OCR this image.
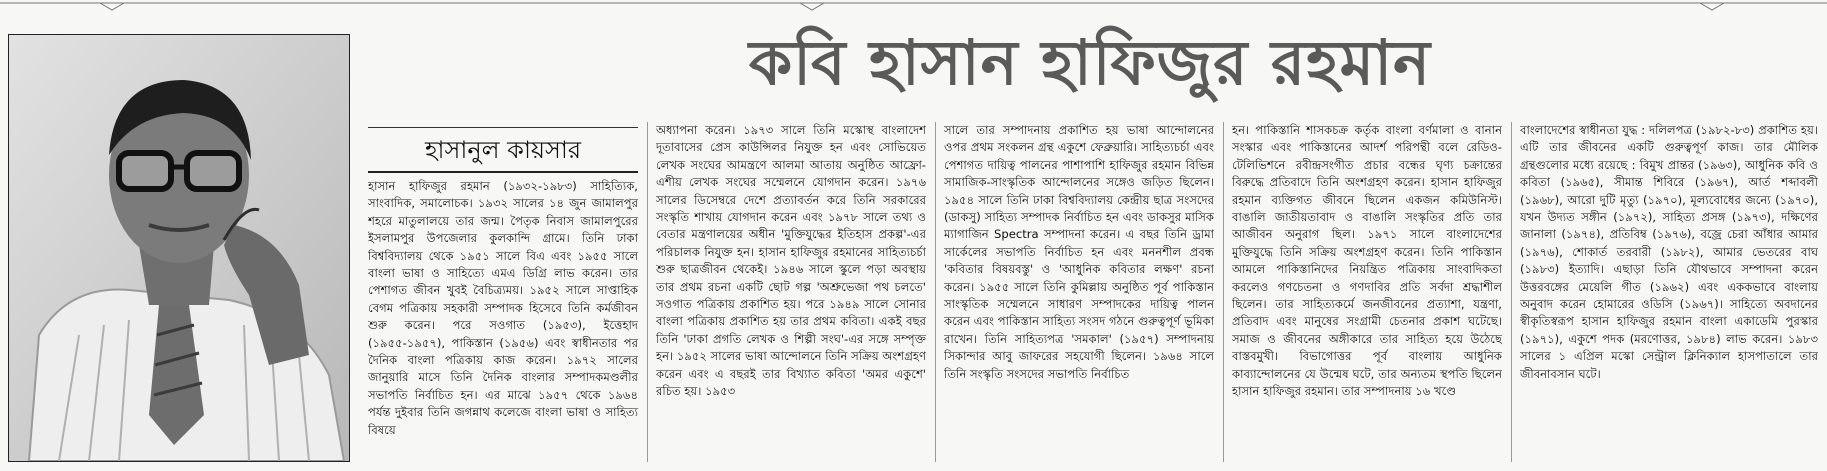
কবি হাসান হাফিজুর রহমান
হাসানুল কায়সার

হাসান হাফিজুর রহমান (১৯৩২-১৯৮৩) সাহিত্যিক, সাংবাদিক, সমালোচক। ১৯৩২ সালের ১৪ জুন জামালপুর শহরে মাতুলালয়ে তার জন্ম। পৈতৃক নিবাস জামালপুরের ইসলামপুর উপজেলার কুলকান্দি গ্রামে। তিনি ঢাকা বিশ্ববিদ্যালয় থেকে ১৯৫১ সালে বিএ এবং ১৯৫৫ সালে বাংলা ভাষা ও সাহিত্যে এমএ ডিগ্রি লাভ করেন। তার পেশাগত জীবন খুবই বৈচিত্র্যময়। ১৯৫২ সালে সাপ্তাহিক বেগম পত্রিকায় সহকারী সম্পাদক হিসেবে তিনি কর্মজীবন শুরু করেন। পরে সওগাত (১৯৫৩), ইত্তেহাদ (১৯৫৫-১৯৫৭), পাকিস্তান (১৯৫৬) এবং স্বাধীনতার পর দৈনিক বাংলা পত্রিকায় কাজ করেন। ১৯৭২ সালের জানুয়ারি মাসে তিনি দৈনিক বাংলার সম্পাদকমণ্ডলীর সভাপতি নির্বাচিত হন। এর মাঝে ১৯৫৭ থেকে ১৯৬৪ পর্যন্ত দুইবার তিনি জগন্নাথ কলেজে বাংলা ভাষা ও সাহিত্য বিষয়ে

অধ্যাপনা করেন। ১৯৭৩ সালে তিনি মস্কোস্থ বাংলাদেশ দূতাবাসের প্রেস কাউন্সিলর নিযুক্ত হন এবং সোভিয়েত লেখক সংঘের আমন্ত্রণে আলমা আতায় অনুষ্ঠিত আফ্রো-এশীয় লেখক সংঘের সম্মেলনে যোগদান করেন। ১৯৭৬ সালের ডিসেম্বরে দেশে প্রত্যাবর্তন করে তিনি সরকারের সংস্কৃতি শাখায় যোগদান করেন এবং ১৯৭৮ সালে তথ্য ও বেতার মন্ত্রণালয়ের অধীন 'মুক্তিযুদ্ধের ইতিহাস প্রকল্প'-এর পরিচালক নিযুক্ত হন। হাসান হাফিজুর রহমানের সাহিত্যচর্চা শুরু ছাত্রজীবন থেকেই। ১৯৪৬ সালে স্কুলে পড়া অবস্থায় তার প্রথম রচনা একটি ছোট গল্প 'অশ্রুভেজা পথ চলতে' সওগাত পত্রিকায় প্রকাশিত হয়। পরে ১৯৪৯ সালে সোনার বাংলা পত্রিকায় প্রকাশিত হয় তার প্রথম কবিতা। একই বছর তিনি 'ঢাকা প্রগতি লেখক ও শিল্পী সংঘ'-এর সঙ্গে সম্পৃক্ত হন। ১৯৫২ সালের ভাষা আন্দোলনে তিনি সক্রিয় অংশগ্রহণ করেন এবং এ বছরই তার বিখ্যাত কবিতা 'অমর একুশে' রচিত হয়। ১৯৫৩

সালে তার সম্পাদনায় প্রকাশিত হয় ভাষা আন্দোলনের ওপর প্রথম সংকলন গ্রন্থ একুশে ফেব্রুয়ারি। সাহিত্যচর্চা এবং পেশাগত দায়িত্ব পালনের পাশাপাশি হাফিজুর রহমান বিভিন্ন সামাজিক-সাংস্কৃতিক আন্দোলনের সঙ্গেও জড়িত ছিলেন। ১৯৫৪ সালে তিনি ঢাকা বিশ্ববিদ্যালয় কেন্দ্রীয় ছাত্র সংসদের (ডাকসু) সাহিত্য সম্পাদক নির্বাচিত হন এবং ডাকসুর মাসিক ম্যাগাজিন Spectra সম্পাদনা করেন। এ বছর তিনি ড্রামা সার্কেলের সভাপতি নির্বাচিত হন এবং মননশীল প্রবন্ধ 'কবিতার বিষয়বস্তু' ও 'আধুনিক কবিতার লক্ষণ' রচনা করেন। ১৯৫৫ সালে তিনি কুমিল্লায় অনুষ্ঠিত পূর্ব পাকিস্তান সাংস্কৃতিক সম্মেলনে সাধারণ সম্পাদকের দায়িত্ব পালন করেন এবং পাকিস্তান সাহিত্য সংসদ গঠনে গুরুত্বপূর্ণ ভূমিকা রাখেন। তিনি সাহিত্যপত্র 'সমকাল' (১৯৫৭) সম্পাদনায় সিকান্দার আবু জাফরের সহযোগী ছিলেন। ১৯৬৪ সালে তিনি সংস্কৃতি সংসদের সভাপতি নির্বাচিত

হন। পাকিস্তানি শাসকচক্র কর্তৃক বাংলা বর্ণমালা ও বানান সংস্কার এবং পাকিস্তানের আদর্শ পরিপন্থী বলে রেডিও-টেলিভিশনে রবীন্দ্রসংগীত প্রচার বন্ধের ঘৃণ্য চক্রান্তের বিরুদ্ধে প্রতিবাদে তিনি অংশগ্রহণ করেন। হাসান হাফিজুর রহমান ব্যক্তিগত জীবনে ছিলেন একজন কমিউনিস্ট। বাঙালি জাতীয়তাবাদ ও বাঙালি সংস্কৃতির প্রতি তার আজীবন অনুরাগ ছিল। ১৯৭১ সালে বাংলাদেশের মুক্তিযুদ্ধে তিনি সক্রিয় অংশগ্রহণ করেন। তিনি পাকিস্তান আমলে পাকিস্তানিদের নিয়ন্ত্রিত পত্রিকায় সাংবাদিকতা করলেও গণচেতনা ও গণদাবির প্রতি সর্বদা শ্রদ্ধাশীল ছিলেন। তার সাহিত্যকর্মে জনজীবনের প্রত্যাশা, যন্ত্রণা, প্রতিবাদ এবং মানুষের সংগ্রামী চেতনার প্রকাশ ঘটেছে। সমাজ ও জীবনের অঙ্গীকারে তার সাহিত্য হয়ে উঠেছে বাস্তবমুখী। বিভাগোত্তর পূর্ব বাংলায় আধুনিক কাব্যান্দোলনের যে উন্মেষ ঘটে, তার অন্যতম স্থপতি ছিলেন হাসান হাফিজুর রহমান। তার সম্পাদনায় ১৬ খণ্ডে

বাংলাদেশের স্বাধীনতা যুদ্ধ : দলিলপত্র (১৯৮২-৮৩) প্রকাশিত হয়। এটি তার জীবনের একটি গুরুত্বপূর্ণ কাজ। তার মৌলিক গ্রন্থগুলোর মধ্যে রয়েছে : বিমুখ প্রান্তর (১৯৬৩), আধুনিক কবি ও কবিতা (১৯৬৫), সীমান্ত শিবিরে (১৯৬৭), আর্ত শব্দাবলী (১৯৬৮), আরো দুটি মৃত্যু (১৯৭০), মূল্যবোধের জন্যে (১৯৭০), যখন উদ্যত সঙ্গীন (১৯৭২), সাহিত্য প্রসঙ্গ (১৯৭৩), দক্ষিণের জানালা (১৯৭৪), প্রতিবিম্ব (১৯৭৬), বজ্রে চেরা আঁধার আমার (১৯৭৬), শোকার্ত তরবারী (১৯৮২), আমার ভেতরের বাঘ (১৯৮৩) ইত্যাদি। এছাড়া তিনি যৌথভাবে সম্পাদনা করেন উত্তরবঙ্গের মেয়েলি গীত (১৯৬২) এবং এককভাবে বাংলায় অনুবাদ করেন হোমারের ওডিসি (১৯৬৭)। সাহিত্যে অবদানের স্বীকৃতিস্বরূপ হাসান হাফিজুর রহমান বাংলা একাডেমি পুরস্কার (১৯৭১), একুশে পদক (মরণোত্তর, ১৯৮৪) লাভ করেন। ১৯৮৩ সালের ১ এপ্রিল মস্কো সেন্ট্রাল ক্লিনিক্যাল হাসপাতালে তার জীবনাবসান ঘটে।
